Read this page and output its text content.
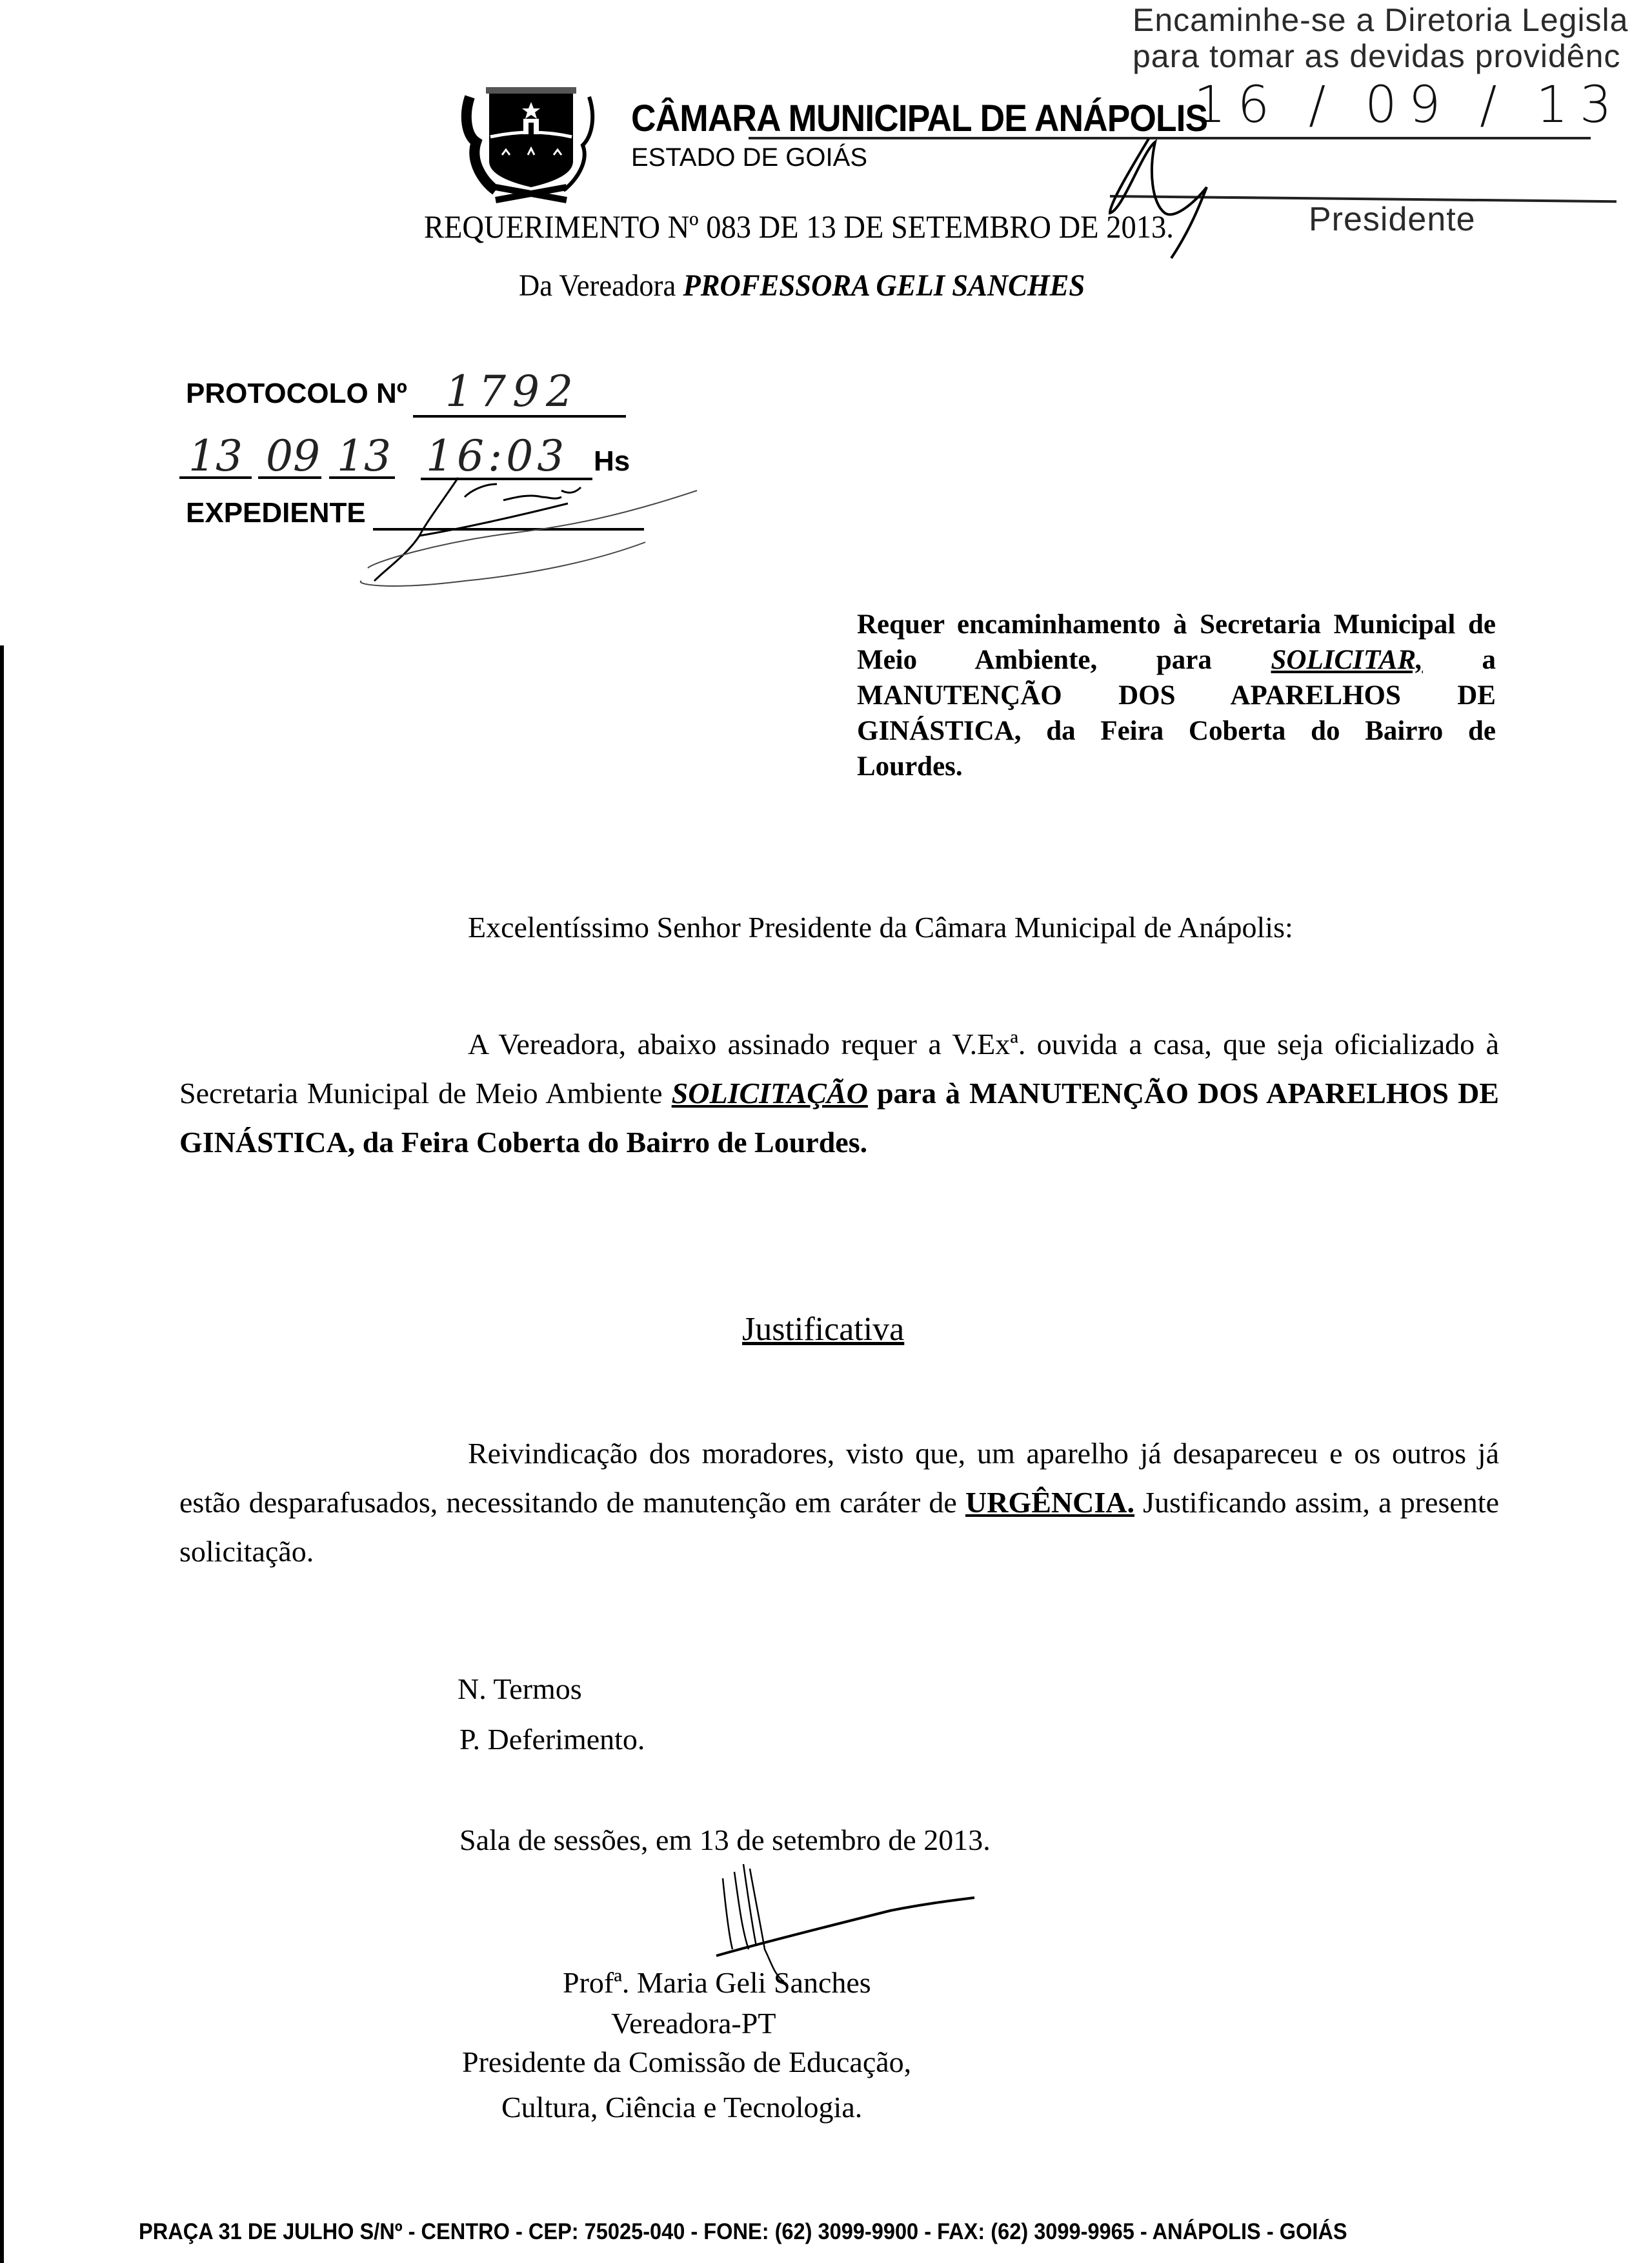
Encaminhe-se a Diretoria Legisla
para tomar as devidas providênc
16 / 09 / 13
Presidente
CÂMARA MUNICIPAL DE ANÁPOLIS
ESTADO DE GOIÁS
REQUERIMENTO Nº 083 DE 13 DE SETEMBRO DE 2013.
Da Vereadora PROFESSORA GELI SANCHES
PROTOCOLO Nº 1792
13 09 13 16:03 Hs
EXPEDIENTE
Requer encaminhamento à Secretaria Municipal de Meio Ambiente, para SOLICITAR, a MANUTENÇÃO DOS APARELHOS DE GINÁSTICA, da Feira Coberta do Bairro de Lourdes.
Excelentíssimo Senhor Presidente da Câmara Municipal de Anápolis:
A Vereadora, abaixo assinado requer a V.Exª. ouvida a casa, que seja oficializado à Secretaria Municipal de Meio Ambiente SOLICITAÇÃO para à MANUTENÇÃO DOS APARELHOS DE GINÁSTICA, da Feira Coberta do Bairro de Lourdes.
Justificativa
Reivindicação dos moradores, visto que, um aparelho já desapareceu e os outros já estão desparafusados, necessitando de manutenção em caráter de URGÊNCIA. Justificando assim, a presente solicitação.
N. Termos
P. Deferimento.
Sala de sessões, em 13 de setembro de 2013.
Profª. Maria Geli Sanches
Vereadora-PT
Presidente da Comissão de Educação,
Cultura, Ciência e Tecnologia.
PRAÇA 31 DE JULHO S/Nº - CENTRO - CEP: 75025-040 - FONE: (62) 3099-9900 - FAX: (62) 3099-9965 - ANÁPOLIS - GOIÁS
